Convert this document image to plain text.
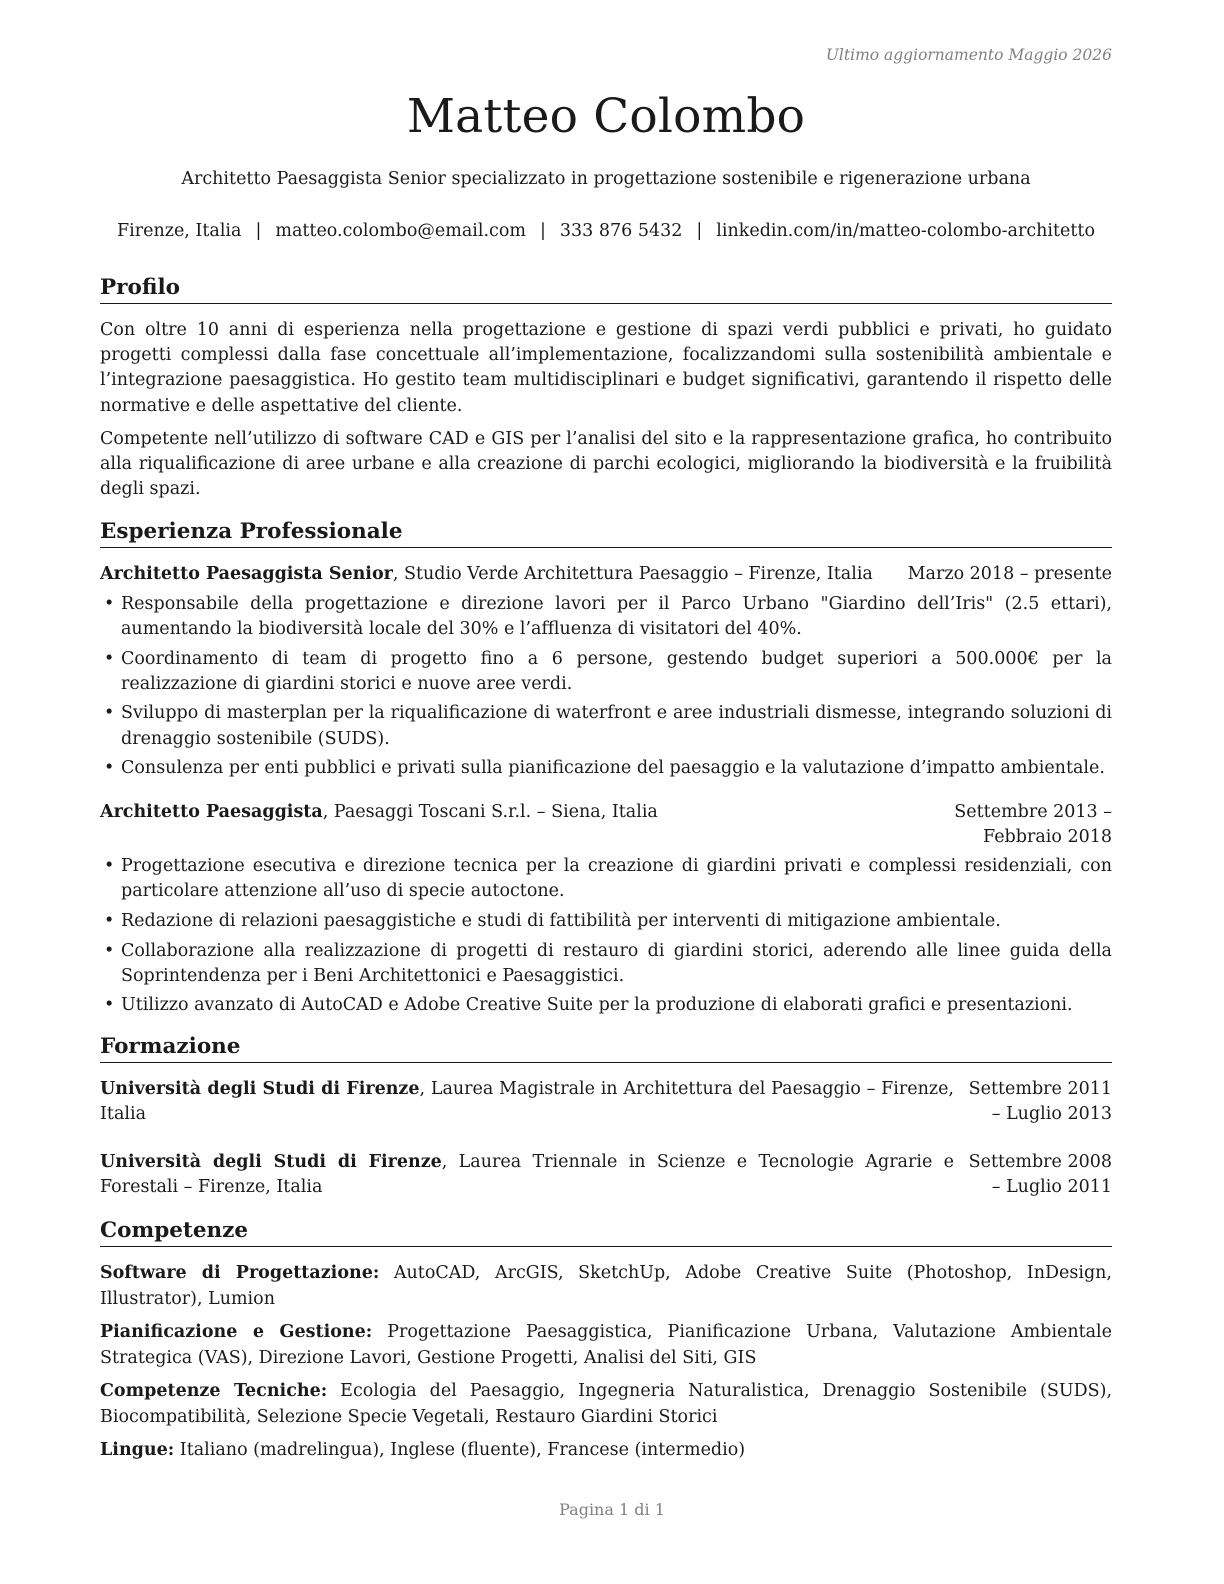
Ultimo aggiornamento Maggio 2026
Matteo Colombo
Architetto Paesaggista Senior specializzato in progettazione sostenibile e rigenerazione urbana
Firenze, Italia | matteo.colombo@email.com | 333 876 5432 | linkedin.com/in/matteo-colombo-architetto
Profilo

Con oltre 10 anni di esperienza nella progettazione e gestione di spazi verdi pubblici e privati, ho guidato progetti complessi dalla fase concettuale all’implementazione, focalizzandomi sulla sostenibilità ambientale e l’integrazione paesaggistica. Ho gestito team multidisciplinari e budget significativi, garantendo il rispetto delle normative e delle aspettative del cliente.

Competente nell’utilizzo di software CAD e GIS per l’analisi del sito e la rappresentazione grafica, ho contribuito alla riqualificazione di aree urbane e alla creazione di parchi ecologici, migliorando la biodiversità e la fruibilità degli spazi.

Esperienza Professionale
Architetto Paesaggista Senior, Studio Verde Architettura Paesaggio – Firenze, Italia	Marzo 2018 – presente
• Responsabile della progettazione e direzione lavori per il Parco Urbano "Giardino dell’Iris" (2.5 ettari), aumentando la biodiversità locale del 30% e l’affluenza di visitatori del 40%.
• Coordinamento di team di progetto fino a 6 persone, gestendo budget superiori a 500.000€ per la realizzazione di giardini storici e nuove aree verdi.
• Sviluppo di masterplan per la riqualificazione di waterfront e aree industriali dismesse, integrando soluzioni di drenaggio sostenibile (SUDS).
• Consulenza per enti pubblici e privati sulla pianificazione del paesaggio e la valutazione d’impatto ambientale.
Architetto Paesaggista, Paesaggi Toscani S.r.l. – Siena, Italia	Settembre 2013 – Febbraio 2018
• Progettazione esecutiva e direzione tecnica per la creazione di giardini privati e complessi residenziali, con particolare attenzione all’uso di specie autoctone.
• Redazione di relazioni paesaggistiche e studi di fattibilità per interventi di mitigazione ambientale.
• Collaborazione alla realizzazione di progetti di restauro di giardini storici, aderendo alle linee guida della Soprintendenza per i Beni Architettonici e Paesaggistici.
• Utilizzo avanzato di AutoCAD e Adobe Creative Suite per la produzione di elaborati grafici e presentazioni.
Formazione
Università degli Studi di Firenze, Laurea Magistrale in Architettura del Paesaggio – Firenze, Italia
Settembre 2011 – Luglio 2013
Università degli Studi di Firenze, Laurea Triennale in Scienze e Tecnologie Agrarie e Forestali – Firenze, Italia
Settembre 2008 – Luglio 2011
Competenze
Software di Progettazione: AutoCAD, ArcGIS, SketchUp, Adobe Creative Suite (Photoshop, InDesign, Illustrator), Lumion
Pianificazione e Gestione: Progettazione Paesaggistica, Pianificazione Urbana, Valutazione Ambientale Strategica (VAS), Direzione Lavori, Gestione Progetti, Analisi del Siti, GIS
Competenze Tecniche: Ecologia del Paesaggio, Ingegneria Naturalistica, Drenaggio Sostenibile (SUDS), Biocompatibilità, Selezione Specie Vegetali, Restauro Giardini Storici
Lingue: Italiano (madrelingua), Inglese (fluente), Francese (intermedio)
Pagina 1 di 1
